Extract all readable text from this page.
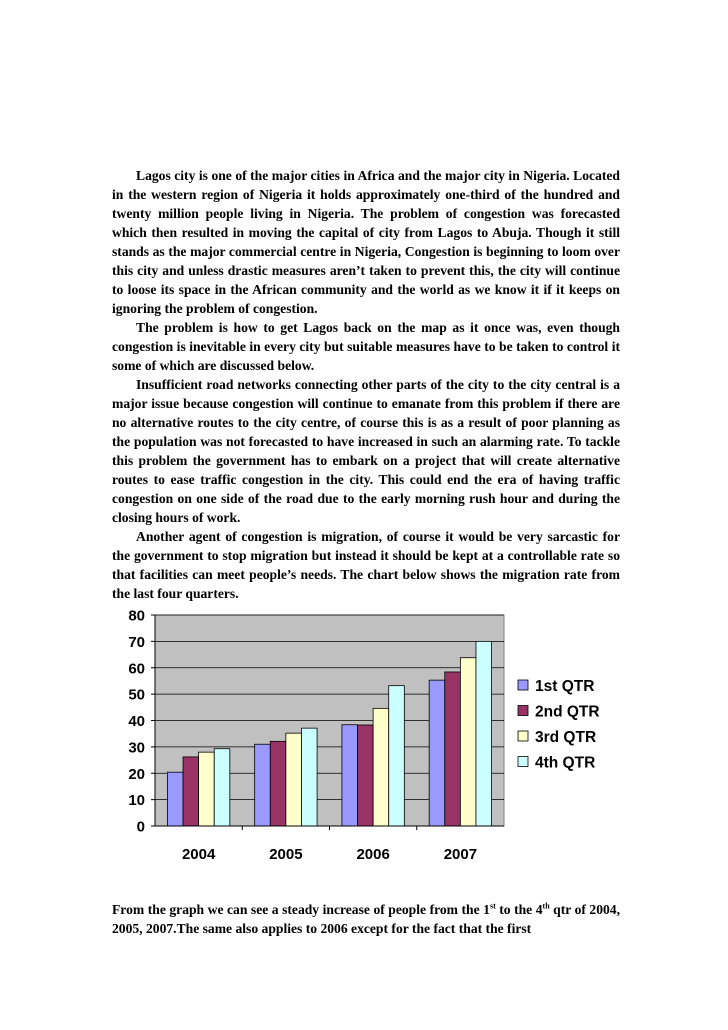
Lagos city is one of the major cities in Africa and the major city in Nigeria. Located in the western region of Nigeria it holds approximately one-third of the hundred and twenty million people living in Nigeria. The problem of congestion was forecasted which then resulted in moving the capital of city from Lagos to Abuja. Though it still stands as the major commercial centre in Nigeria, Congestion is beginning to loom over this city and unless drastic measures aren’t taken to prevent this, the city will continue to loose its space in the African community and the world as we know it if it keeps on ignoring the problem of congestion.

The problem is how to get Lagos back on the map as it once was, even though congestion is inevitable in every city but suitable measures have to be taken to control it some of which are discussed below.

Insufficient road networks connecting other parts of the city to the city central is a major issue because congestion will continue to emanate from this problem if there are no alternative routes to the city centre, of course this is as a result of poor planning as the population was not forecasted to have increased in such an alarming rate. To tackle this problem the government has to embark on a project that will create alternative routes to ease traffic congestion in the city. This could end the era of having traffic congestion on one side of the road due to the early morning rush hour and during the closing hours of work.

Another agent of congestion is migration, of course it would be very sarcastic for the government to stop migration but instead it should be kept at a controllable rate so that facilities can meet people’s needs. The chart below shows the migration rate from the last four quarters.

0
10
20
30
40
50
60
70
80
2004	2005	2006	2007
1st QTR
2nd QTR
3rd QTR
4th QTR

From the graph we can see a steady increase of people from the 1st to the 4th qtr of 2004, 2005, 2007.The same also applies to 2006 except for the fact that the first
